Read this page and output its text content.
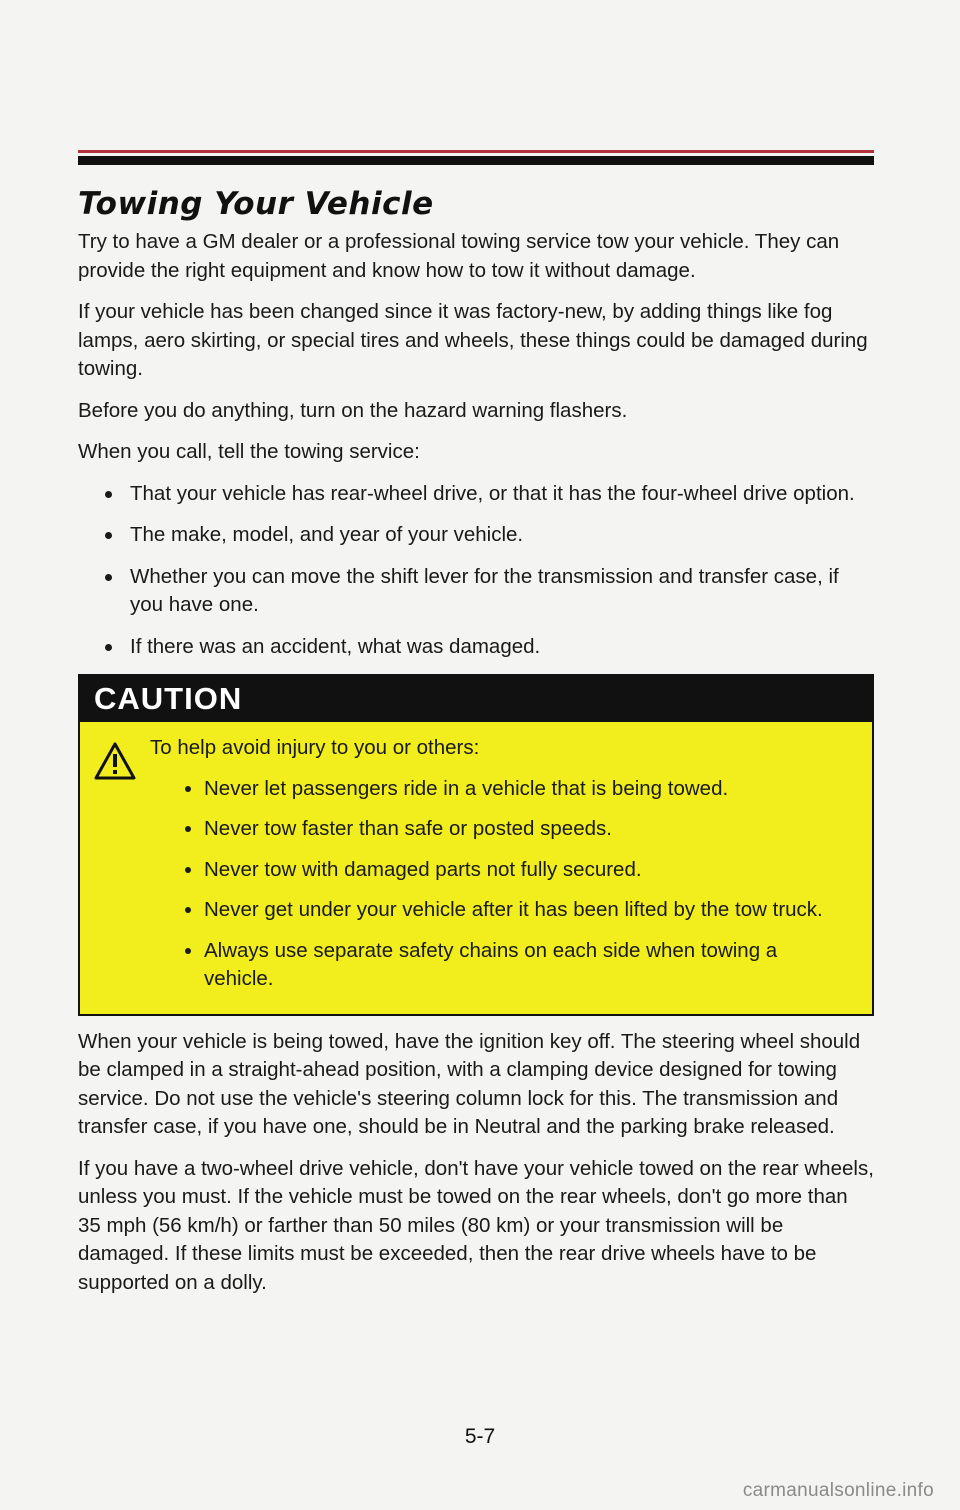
Towing Your Vehicle

Try to have a GM dealer or a professional towing service tow your vehicle. They can provide the right equipment and know how to tow it without damage.

If your vehicle has been changed since it was factory-new, by adding things like fog lamps, aero skirting, or special tires and wheels, these things could be damaged during towing.

Before you do anything, turn on the hazard warning flashers.

When you call, tell the towing service:

That your vehicle has rear-wheel drive, or that it has the four-wheel drive option.
The make, model, and year of your vehicle.
Whether you can move the shift lever for the transmission and transfer case, if you have one.
If there was an accident, what was damaged.
CAUTION

To help avoid injury to you or others:

Never let passengers ride in a vehicle that is being towed.
Never tow faster than safe or posted speeds.
Never tow with damaged parts not fully secured.
Never get under your vehicle after it has been lifted by the tow truck.
Always use separate safety chains on each side when towing a vehicle.

When your vehicle is being towed, have the ignition key off. The steering wheel should be clamped in a straight-ahead position, with a clamping device designed for towing service. Do not use the vehicle's steering column lock for this. The transmission and transfer case, if you have one, should be in Neutral and the parking brake released.

If you have a two-wheel drive vehicle, don't have your vehicle towed on the rear wheels, unless you must. If the vehicle must be towed on the rear wheels, don't go more than 35 mph (56 km/h) or farther than 50 miles (80 km) or your transmission will be damaged. If these limits must be exceeded, then the rear drive wheels have to be supported on a dolly.

5-7
carmanualsonline.info
